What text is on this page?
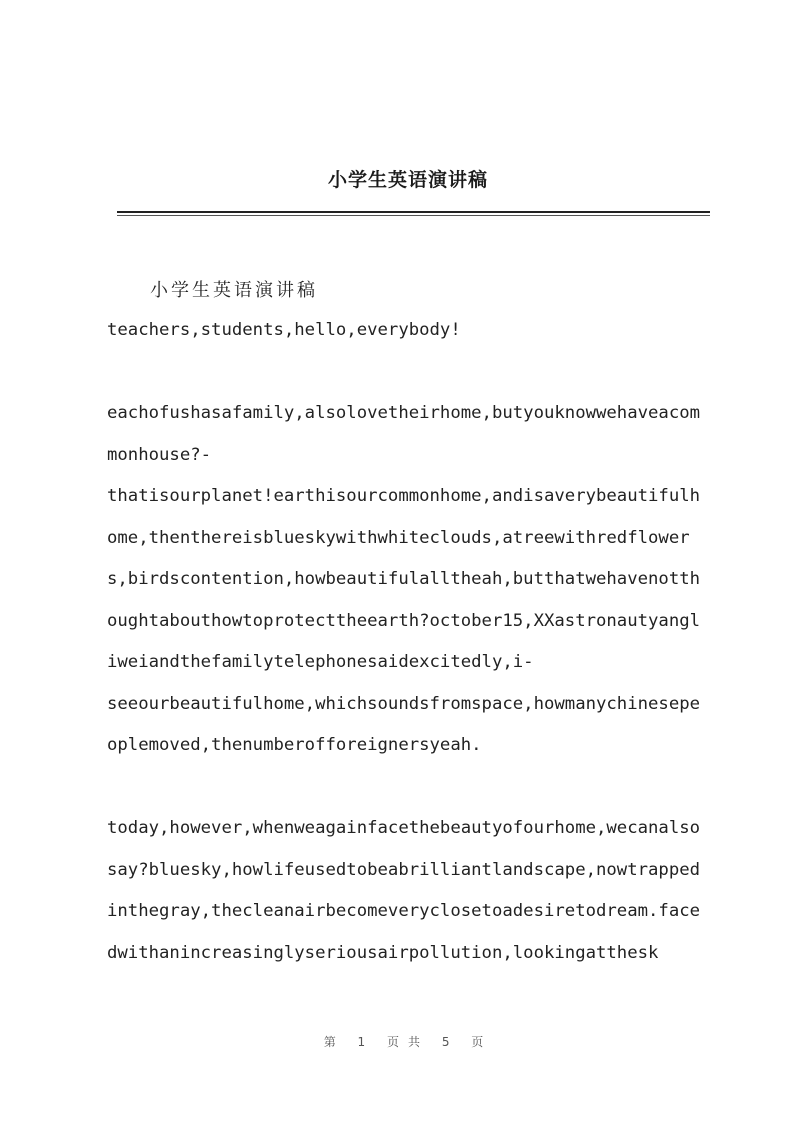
小学生英语演讲稿
小学生英语演讲稿
teachers,students,hello,everybody!
eachofushasafamily,alsolovetheirhome,butyouknowwehaveacommonhouse?-
thatisourplanet!earthisourcommonhome,andisaverybeautifulhome,thenthereisblueskywithwhiteclouds,atreewithredflowers,birdscontention,howbeautifulalltheah,butthatwehavenotthoughtabouthowtoprotecttheearth?october15,XXastronautyangliweiandthefamilytelephonesaidexcitedly,i-
seeourbeautifulhome,whichsoundsfromspace,howmanychinesepeoplemoved,thenumberofforeignersyeah.
today,however,whenweagainfacethebeautyofourhome,wecanalsosay?bluesky,howlifeusedtobeabrilliantlandscape,nowtrappedinthegray,thecleanairbecomeveryclosetoadesiretodream.facedwithanincreasinglyseriousairpollution,lookingatthesk
第 1 页共 5 页
